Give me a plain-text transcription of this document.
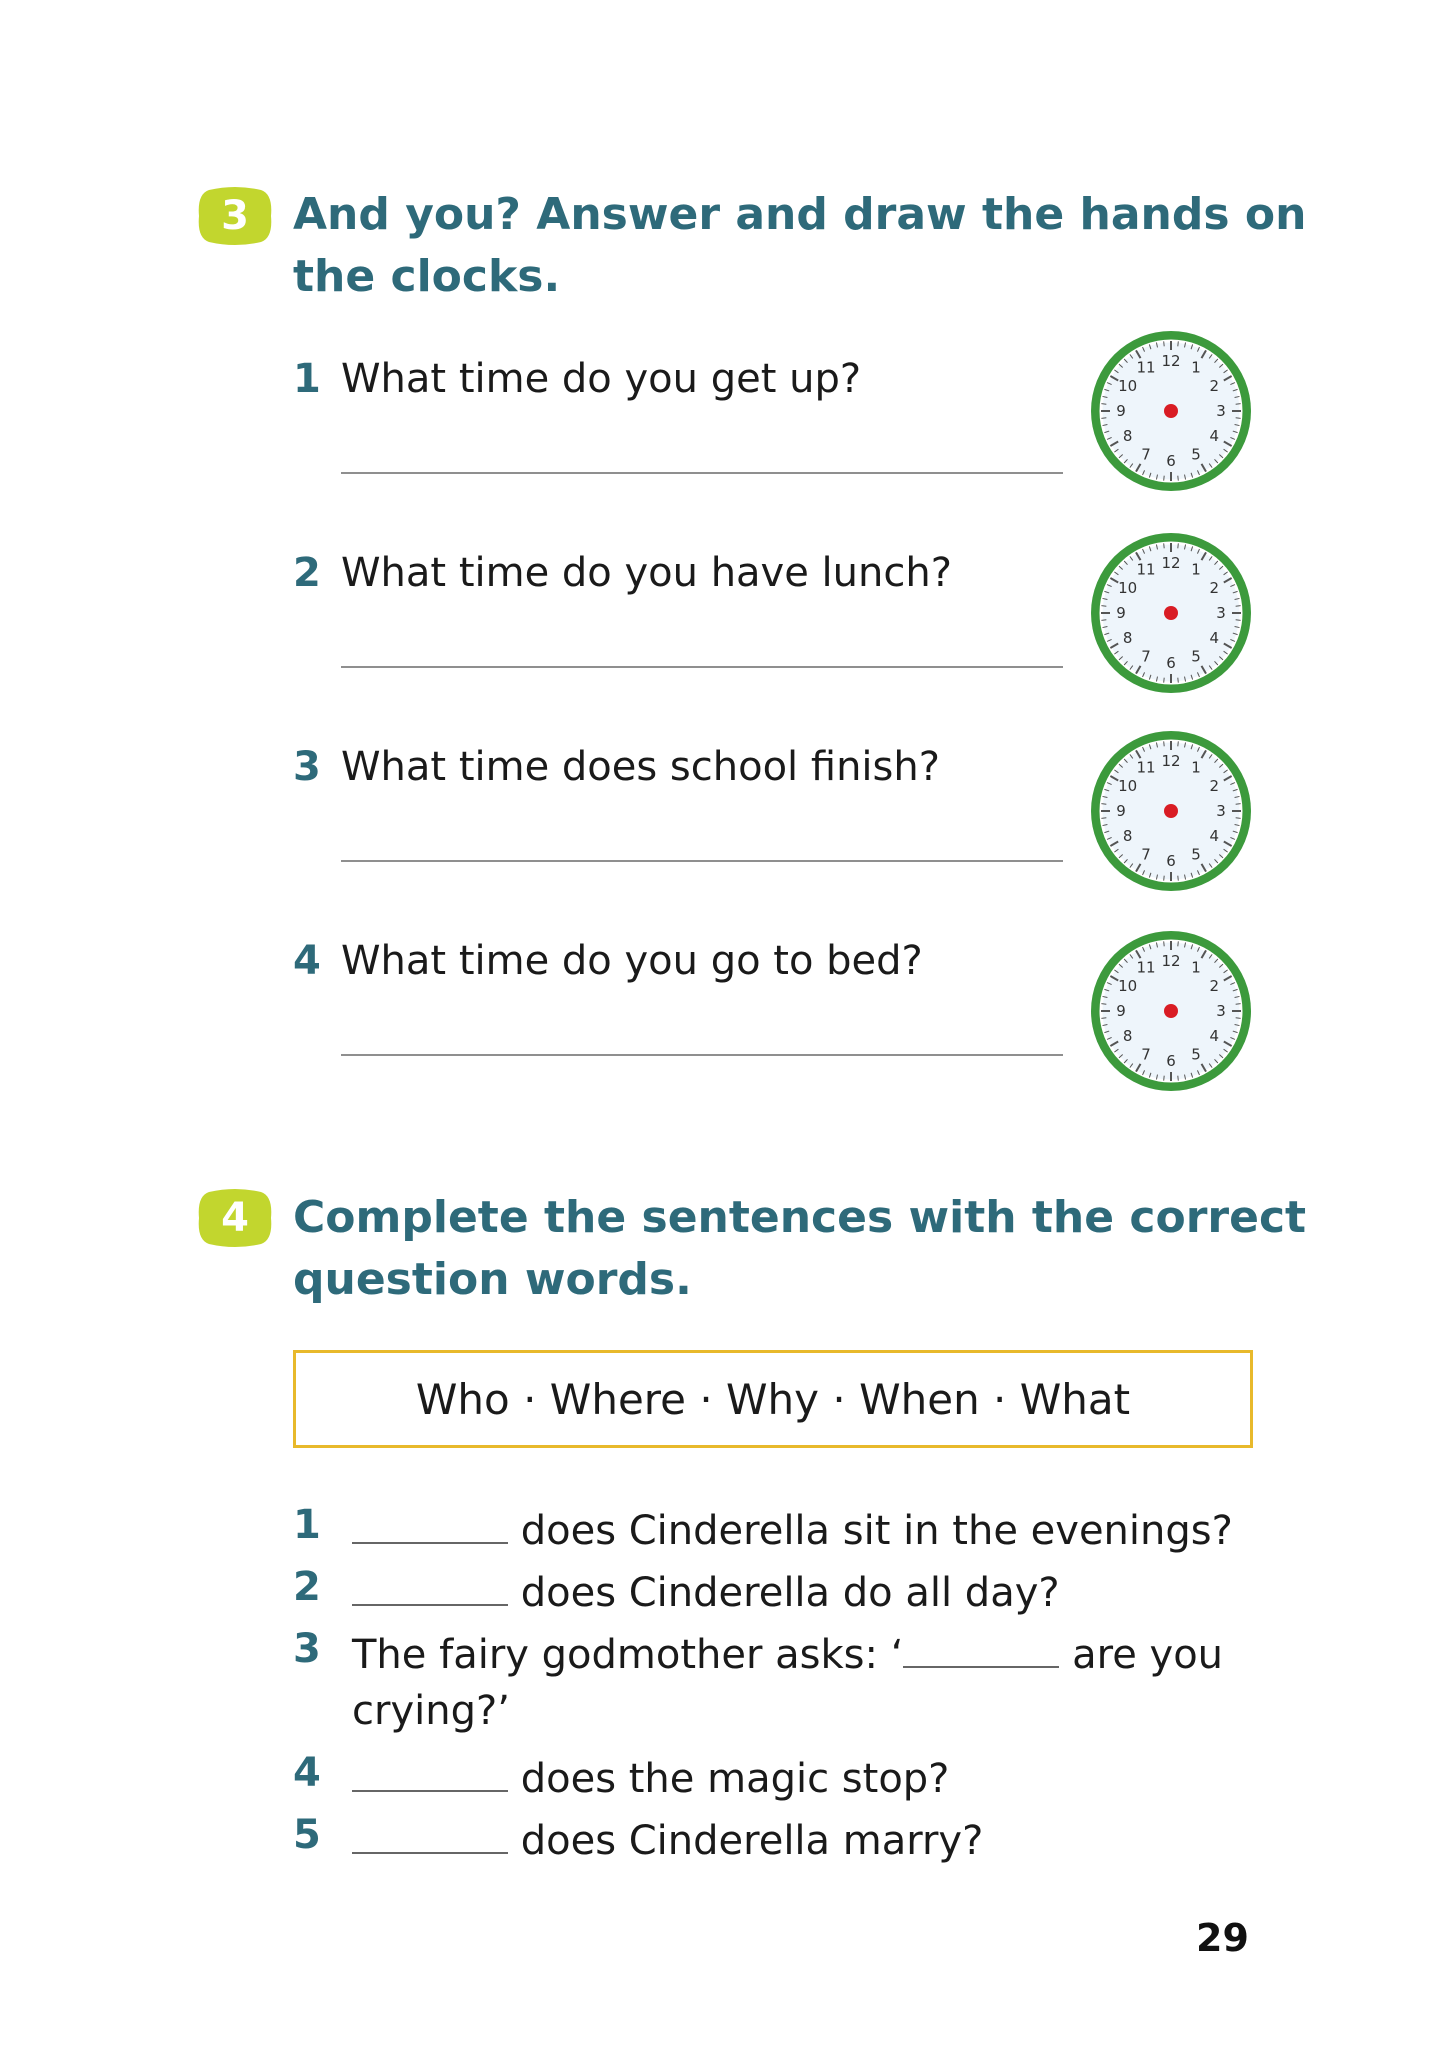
3	And you? Answer and draw the hands on
the clocks.
1 What time do you get up?	1
2
3
4
5
6
7
8
9
10
11 12
2 What time do you have lunch?	1
2
3
4
5
6
7
8
9
10
11 12
3 What time does school finish?	1
2
3
4
5
6
7
8
9
10
11 12
4 What time do you go to bed?	1
2
3
4
5
6
7
8
9
10
11 12
4	Complete the sentences with the correct
question words.
Who · Where · Why · When · What
1	does Cinderella sit in the evenings?
2	does Cinderella do all day?
3 The fairy godmother asks: ‘	are you
crying?’
4	does the magic stop?
5	does Cinderella marry?
29
